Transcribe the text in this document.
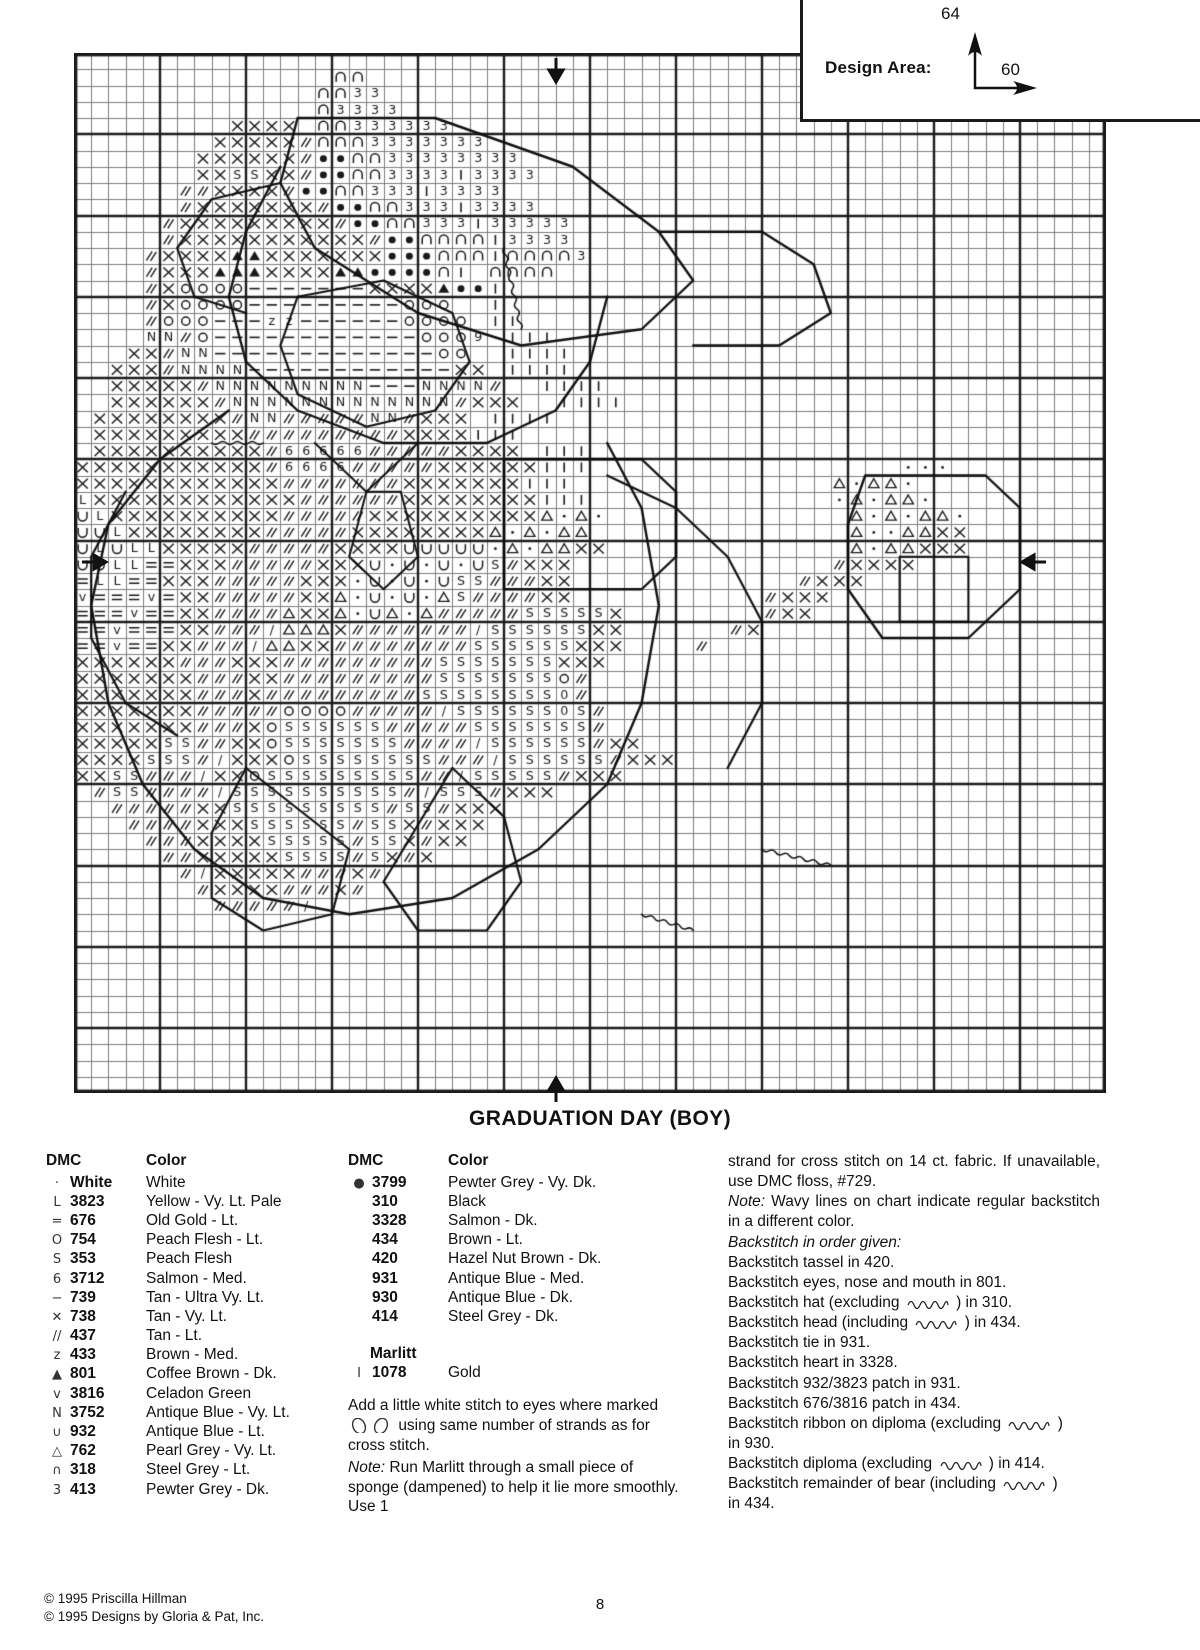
Design Area:
64
60
GRADUATION DAY (BOY)
DMC		Color
·	White	White
L	3823	Yellow - Vy. Lt. Pale
=	676	Old Gold - Lt.
O	754	Peach Flesh - Lt.
S	353	Peach Flesh
6	3712	Salmon - Med.
−	739	Tan - Ultra Vy. Lt.
✕	738	Tan - Vy. Lt.
//	437	Tan - Lt.
z	433	Brown - Med.
▲	801	Coffee Brown - Dk.
v	3816	Celadon Green
N	3752	Antique Blue - Vy. Lt.
∪	932	Antique Blue - Lt.
△	762	Pearl Grey - Vy. Lt.
∩	318	Steel Grey - Lt.
3	413	Pewter Grey - Dk.
DMC		Color
●	3799	Pewter Grey - Vy. Dk.
	310	Black
	3328	Salmon - Dk.
	434	Brown - Lt.
	420	Hazel Nut Brown - Dk.
	931	Antique Blue - Med.
	930	Antique Blue - Dk.
	414	Steel Grey - Dk.
Marlitt		
I	1078	Gold

Add a little white stitch to eyes where marked

using same number of strands as for

cross stitch.

Note: Run Marlitt through a small piece of sponge (dampened) to help it lie more smoothly. Use 1

strand for cross stitch on 14 ct. fabric. If unavailable, use DMC floss, #729.

Note: Wavy lines on chart indicate regular backstitch in a different color.

Backstitch in order given:

Backstitch tassel in 420.

Backstitch eyes, nose and mouth in 801.

Backstitch hat (excluding	) in 310.

Backstitch head (including	) in 434.

Backstitch tie in 931.

Backstitch heart in 3328.

Backstitch 932/3823 patch in 931.

Backstitch 676/3816 patch in 434.

Backstitch ribbon on diploma (excluding	)

in 930.

Backstitch diploma (excluding	) in 414.

Backstitch remainder of bear (including	)

in 434.

© 1995 Priscilla Hillman
© 1995 Designs by Gloria & Pat, Inc.
8
